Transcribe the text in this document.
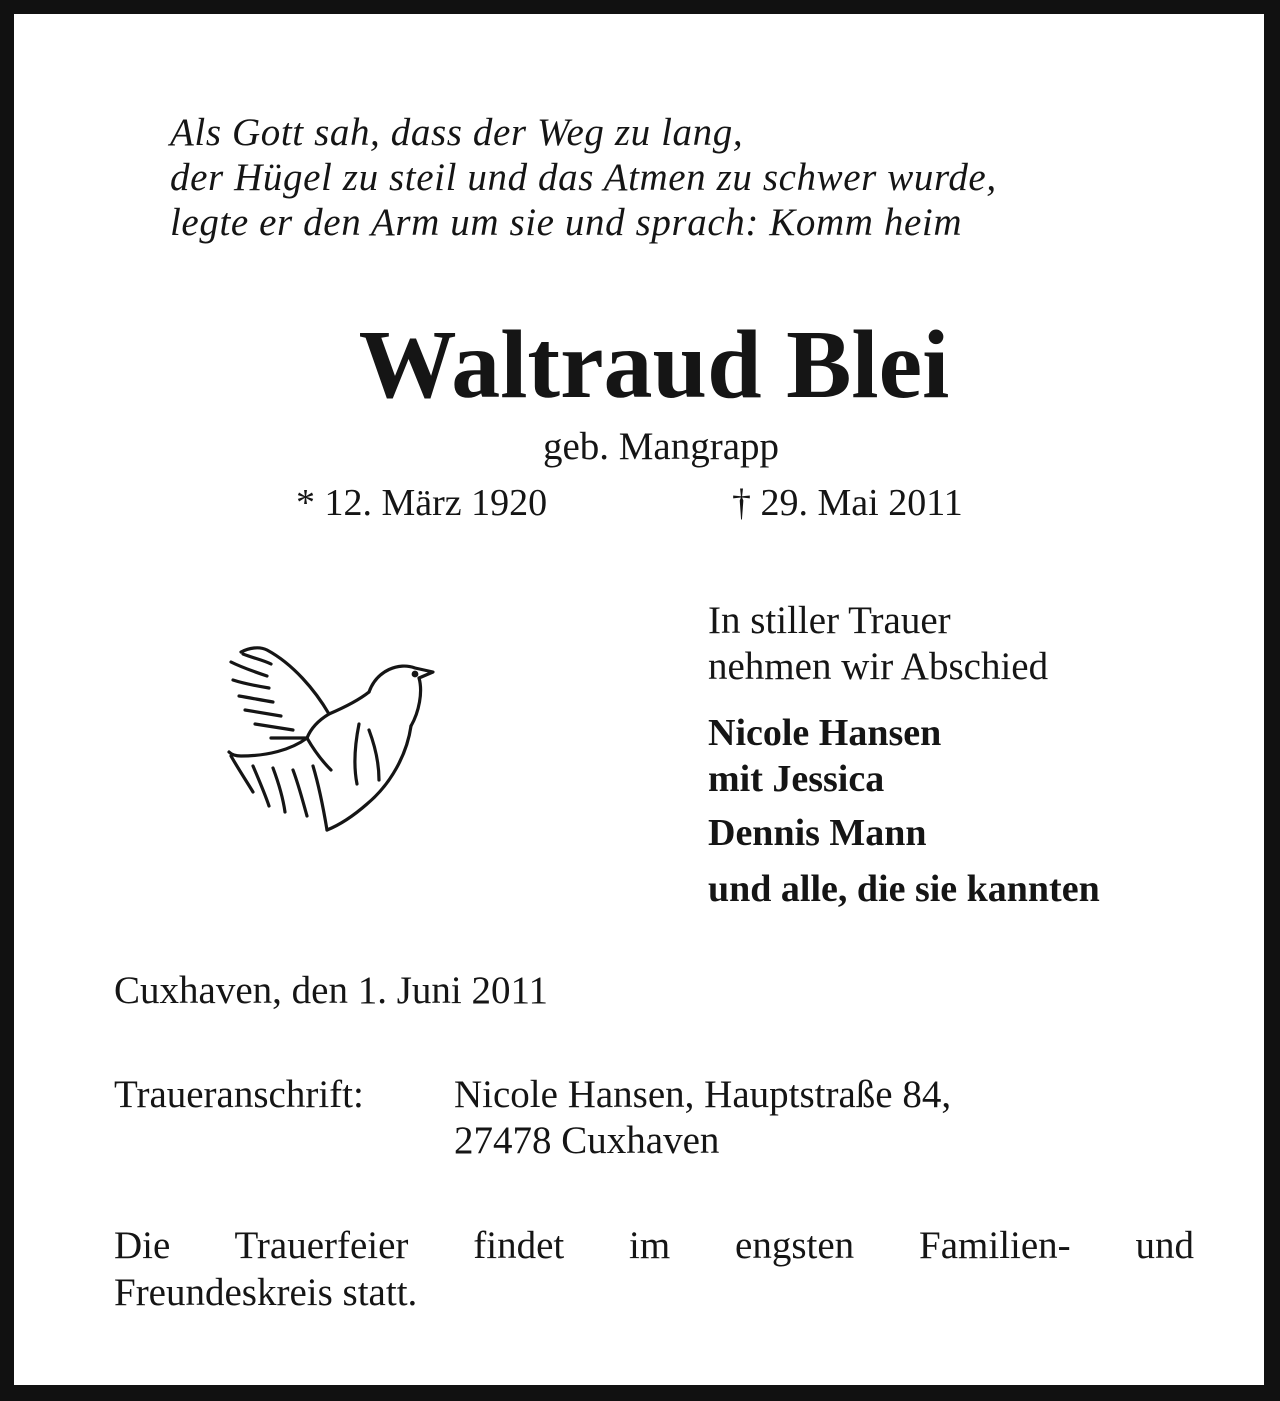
Als Gott sah, dass der Weg zu lang,
der Hügel zu steil und das Atmen zu schwer wurde,
legte er den Arm um sie und sprach: Komm heim
Waltraud Blei
geb. Mangrapp
* 12. März 1920	† 29. Mai 2011
In stiller Trauer
nehmen wir Abschied
Nicole Hansen
mit Jessica
Dennis Mann
und alle, die sie kannten
Cuxhaven, den 1. Juni 2011
Traueranschrift: Nicole Hansen, Hauptstraße 84,
27478 Cuxhaven
Die Trauerfeier findet im engsten Familien- und
Freundeskreis statt.
